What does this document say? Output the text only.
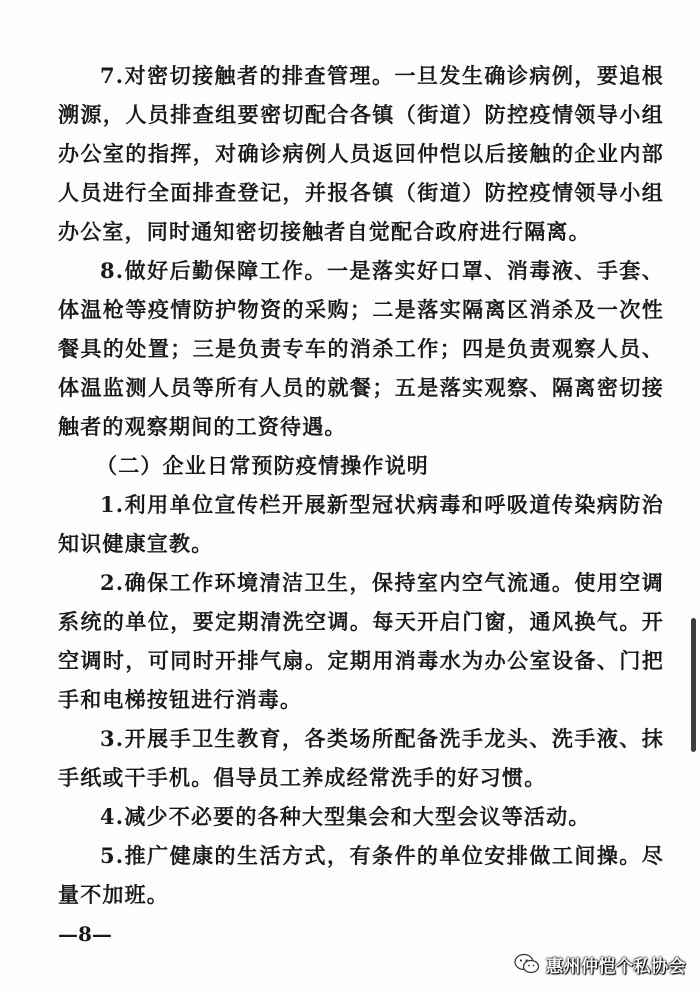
7.对密切接触者的排查管理。一旦发生确诊病例，要追根溯源，人员排查组要密切配合各镇（街道）防控疫情领导小组办公室的指挥，对确诊病例人员返回仲恺以后接触的企业内部人员进行全面排查登记，并报各镇（街道）防控疫情领导小组办公室，同时通知密切接触者自觉配合政府进行隔离。

8.做好后勤保障工作。一是落实好口罩、消毒液、手套、体温枪等疫情防护物资的采购；二是落实隔离区消杀及一次性餐具的处置；三是负责专车的消杀工作；四是负责观察人员、体温监测人员等所有人员的就餐；五是落实观察、隔离密切接触者的观察期间的工资待遇。

（二）企业日常预防疫情操作说明

1.利用单位宣传栏开展新型冠状病毒和呼吸道传染病防治知识健康宣教。

2.确保工作环境清洁卫生，保持室内空气流通。使用空调系统的单位，要定期清洗空调。每天开启门窗，通风换气。开空调时，可同时开排气扇。定期用消毒水为办公室设备、门把手和电梯按钮进行消毒。

3.开展手卫生教育，各类场所配备洗手龙头、洗手液、抹手纸或干手机。倡导员工养成经常洗手的好习惯。

4.减少不必要的各种大型集会和大型会议等活动。

5.推广健康的生活方式，有条件的单位安排做工间操。尽量不加班。

—8—
惠州仲恺个私协会
